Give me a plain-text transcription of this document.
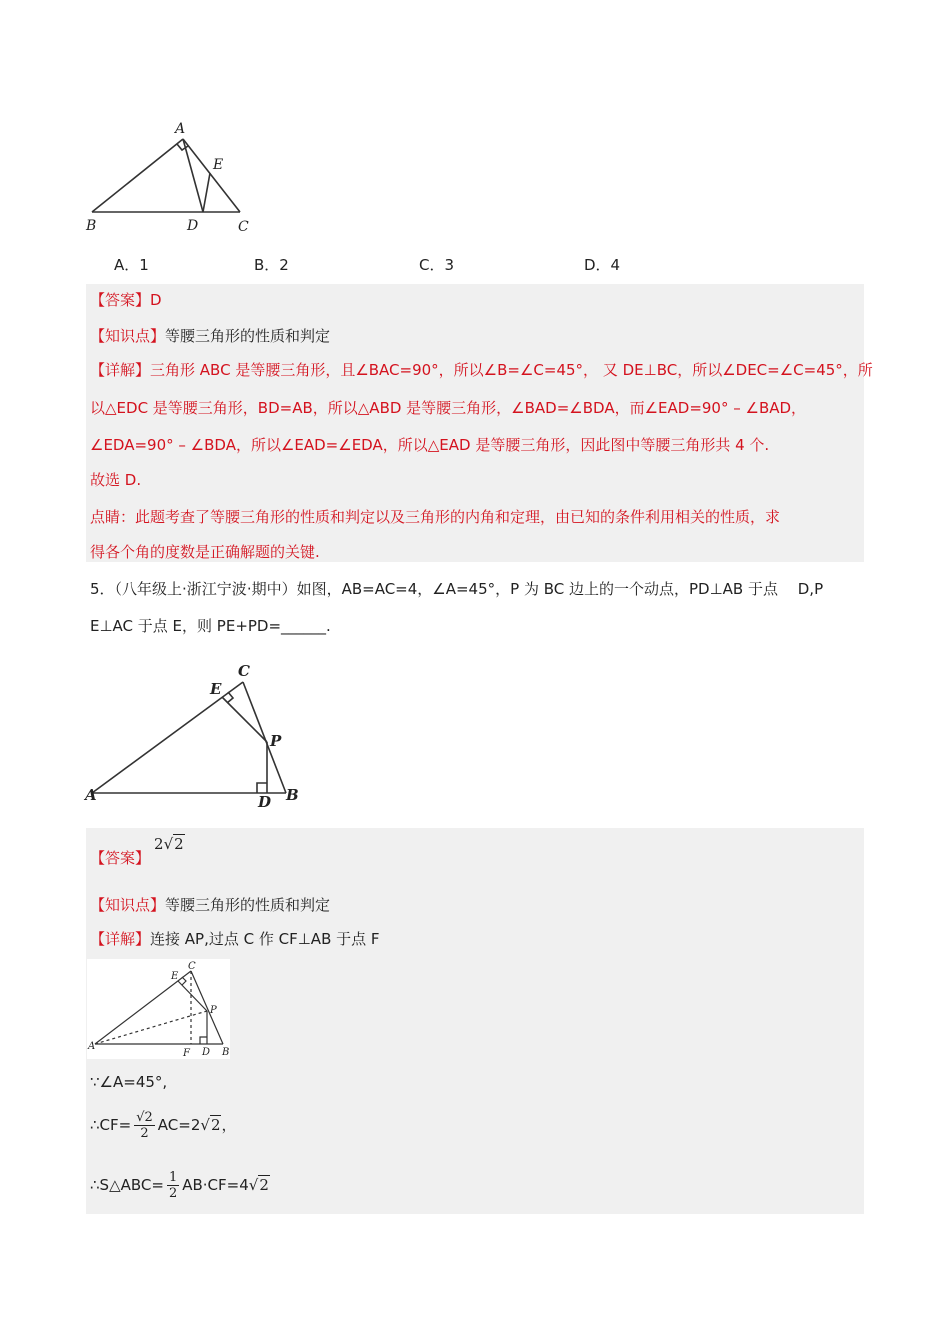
A
E
B	D	C
A．1	B．2	C．3	D．4
【答案】D
【知识点】等腰三角形的性质和判定
【详解】三角形 ABC 是等腰三角形，且∠BAC=90°，所以∠B=∠C=45°， 又 DE⊥BC，所以∠DEC=∠C=45°，所
以△EDC 是等腰三角形，BD=AB，所以△ABD 是等腰三角形，∠BAD=∠BDA，而∠EAD=90° – ∠BAD，
∠EDA=90° – ∠BDA，所以∠EAD=∠EDA，所以△EAD 是等腰三角形，因此图中等腰三角形共 4 个.
故选 D.
点睛：此题考查了等腰三角形的性质和判定以及三角形的内角和定理，由已知的条件利用相关的性质，求
得各个角的度数是正确解题的关键.
5．（八年级上·浙江宁波·期中）如图，AB=AC=4，∠A=45°，P 为 BC 边上的一个动点，PD⊥AB 于点　 D,P
E⊥AC 于点 E，则 PE+PD=______.
C
E
P
A	D B
【答案】2√2
【知识点】等腰三角形的性质和判定
【详解】连接 AP,过点 C 作 CF⊥AB 于点 F
E
C
P
A
F D B
∵∠A=45°,
∴CF= $\frac{√2}{2} AC=2√2$，
∴S△ABC= $\frac{1}{2} AB\cdot CF=4√2$
